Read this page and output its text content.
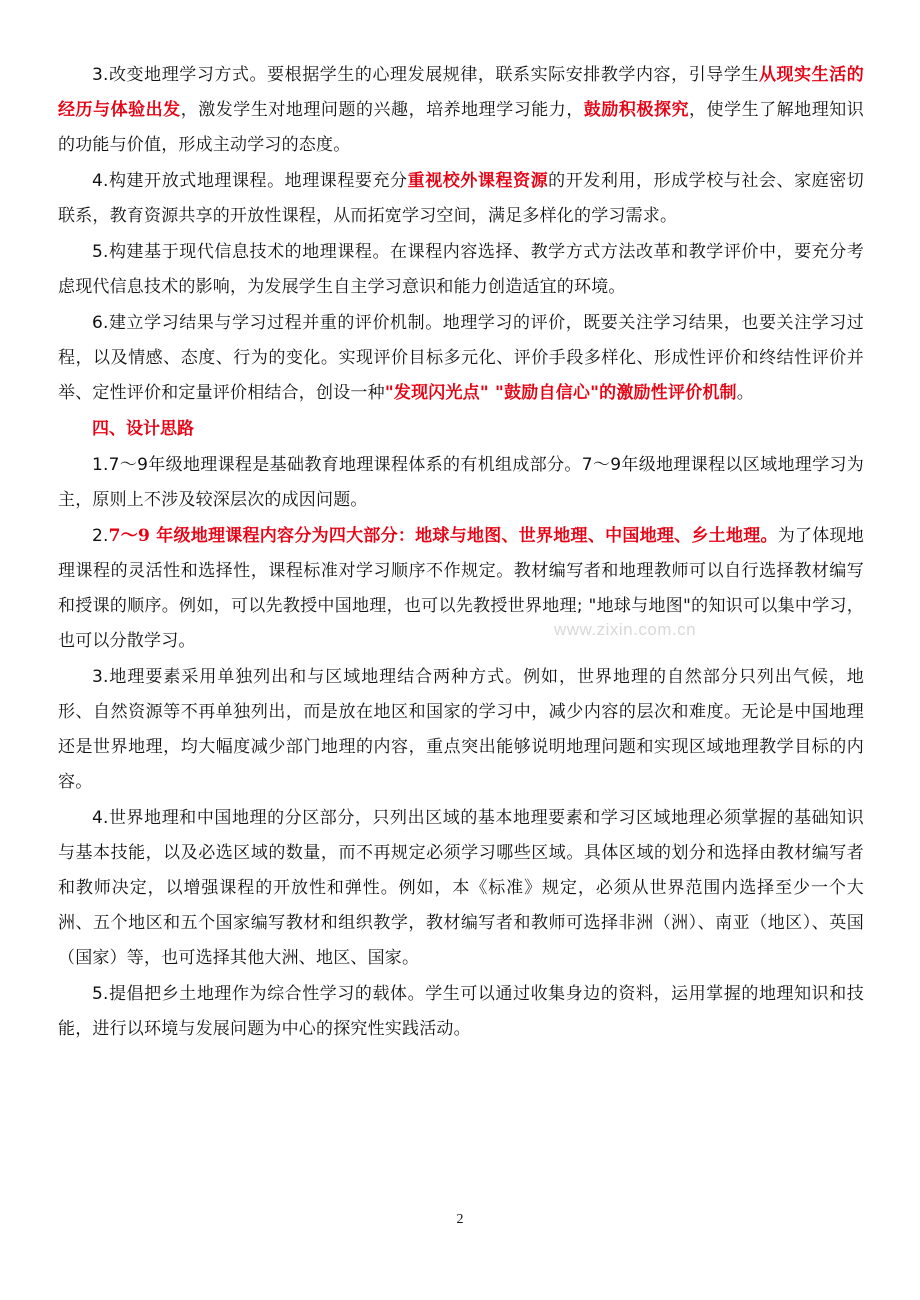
3.改变地理学习方式。要根据学生的心理发展规律，联系实际安排教学内容，引导学生从现实生活的经历与体验出发，激发学生对地理问题的兴趣，培养地理学习能力，鼓励积极探究，使学生了解地理知识的功能与价值，形成主动学习的态度。

4.构建开放式地理课程。地理课程要充分重视校外课程资源的开发利用，形成学校与社会、家庭密切联系，教育资源共享的开放性课程，从而拓宽学习空间，满足多样化的学习需求。

5.构建基于现代信息技术的地理课程。在课程内容选择、教学方式方法改革和教学评价中，要充分考虑现代信息技术的影响，为发展学生自主学习意识和能力创造适宜的环境。

6.建立学习结果与学习过程并重的评价机制。地理学习的评价，既要关注学习结果，也要关注学习过程，以及情感、态度、行为的变化。实现评价目标多元化、评价手段多样化、形成性评价和终结性评价并举、定性评价和定量评价相结合，创设一种"发现闪光点" "鼓励自信心"的激励性评价机制。

四、设计思路

1.7～9年级地理课程是基础教育地理课程体系的有机组成部分。7～9年级地理课程以区域地理学习为主，原则上不涉及较深层次的成因问题。

2.7～9 年级地理课程内容分为四大部分：地球与地图、世界地理、中国地理、乡土地理。为了体现地理课程的灵活性和选择性，课程标准对学习顺序不作规定。教材编写者和地理教师可以自行选择教材编写和授课的顺序。例如，可以先教授中国地理，也可以先教授世界地理; "地球与地图"的知识可以集中学习，也可以分散学习。

3.地理要素采用单独列出和与区域地理结合两种方式。例如，世界地理的自然部分只列出气候，地形、自然资源等不再单独列出，而是放在地区和国家的学习中，减少内容的层次和难度。无论是中国地理还是世界地理，均大幅度减少部门地理的内容，重点突出能够说明地理问题和实现区域地理教学目标的内容。

4.世界地理和中国地理的分区部分，只列出区域的基本地理要素和学习区域地理必须掌握的基础知识与基本技能，以及必选区域的数量，而不再规定必须学习哪些区域。具体区域的划分和选择由教材编写者和教师决定，以增强课程的开放性和弹性。例如，本《标准》规定，必须从世界范围内选择至少一个大洲、五个地区和五个国家编写教材和组织教学，教材编写者和教师可选择非洲（洲）、南亚（地区）、英国（国家）等，也可选择其他大洲、地区、国家。

5.提倡把乡土地理作为综合性学习的载体。学生可以通过收集身边的资料，运用掌握的地理知识和技能，进行以环境与发展问题为中心的探究性实践活动。

www.zixin.com.cn
2
